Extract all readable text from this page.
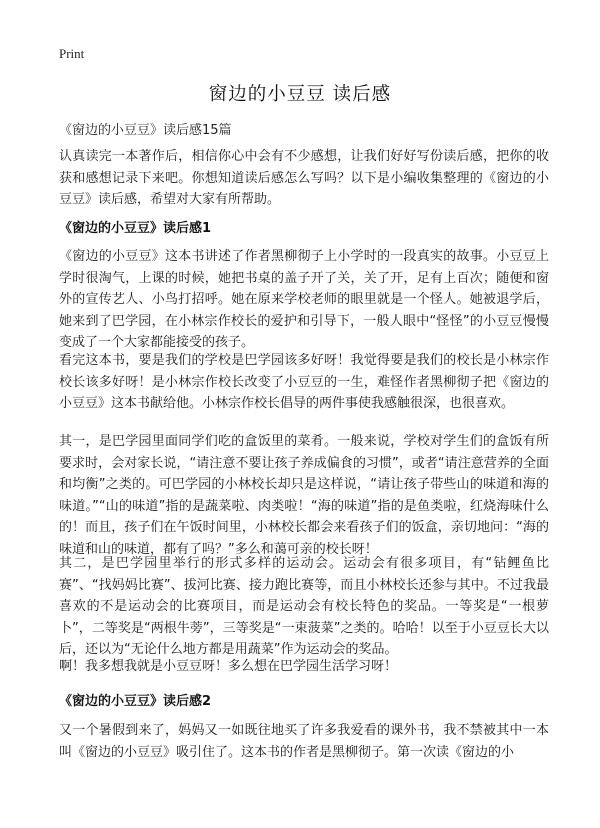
Print
窗边的小豆豆 读后感
《窗边的小豆豆》读后感15篇

认真读完一本著作后，相信你心中会有不少感想，让我们好好写份读后感，把你的收获和感想记录下来吧。你想知道读后感怎么写吗？以下是小编收集整理的《窗边的小豆豆》读后感，希望对大家有所帮助。

《窗边的小豆豆》读后感1

《窗边的小豆豆》这本书讲述了作者黑柳彻子上小学时的一段真实的故事。小豆豆上学时很淘气，上课的时候，她把书桌的盖子开了关，关了开，足有上百次；随便和窗外的宣传艺人、小鸟打招呼。她在原来学校老师的眼里就是一个怪人。她被退学后，她来到了巴学园，在小林宗作校长的爱护和引导下，一般人眼中“怪怪”的小豆豆慢慢变成了一个大家都能接受的孩子。

看完这本书，要是我们的学校是巴学园该多好呀！我觉得要是我们的校长是小林宗作校长该多好呀！是小林宗作校长改变了小豆豆的一生，难怪作者黑柳彻子把《窗边的小豆豆》这本书献给他。小林宗作校长倡导的两件事使我感触很深，也很喜欢。

其一，是巴学园里面同学们吃的盒饭里的菜肴。一般来说，学校对学生们的盒饭有所要求时，会对家长说，“请注意不要让孩子养成偏食的习惯”，或者“请注意营养的全面和均衡”之类的。可巴学园的小林校长却只是这样说，“请让孩子带些山的味道和海的味道。”“山的味道”指的是蔬菜啦、肉类啦！“海的味道”指的是鱼类啦，红烧海味什么的！而且，孩子们在午饭时间里，小林校长都会来看孩子们的饭盒，亲切地问：“海的味道和山的味道，都有了吗？”多么和蔼可亲的校长呀！

其二，是巴学园里举行的形式多样的运动会。运动会有很多项目，有“钻鲤鱼比赛”、“找妈妈比赛”、拔河比赛、接力跑比赛等，而且小林校长还参与其中。不过我最喜欢的不是运动会的比赛项目，而是运动会有校长特色的奖品。一等奖是“一根萝卜”，二等奖是“两根牛蒡”，三等奖是“一束菠菜”之类的。哈哈！以至于小豆豆长大以后，还以为“无论什么地方都是用蔬菜”作为运动会的奖品。

啊！我多想我就是小豆豆呀！多么想在巴学园生活学习呀！

《窗边的小豆豆》读后感2

又一个暑假到来了，妈妈又一如既往地买了许多我爱看的课外书，我不禁被其中一本叫《窗边的小豆豆》吸引住了。这本书的作者是黑柳彻子。第一次读《窗边的小
